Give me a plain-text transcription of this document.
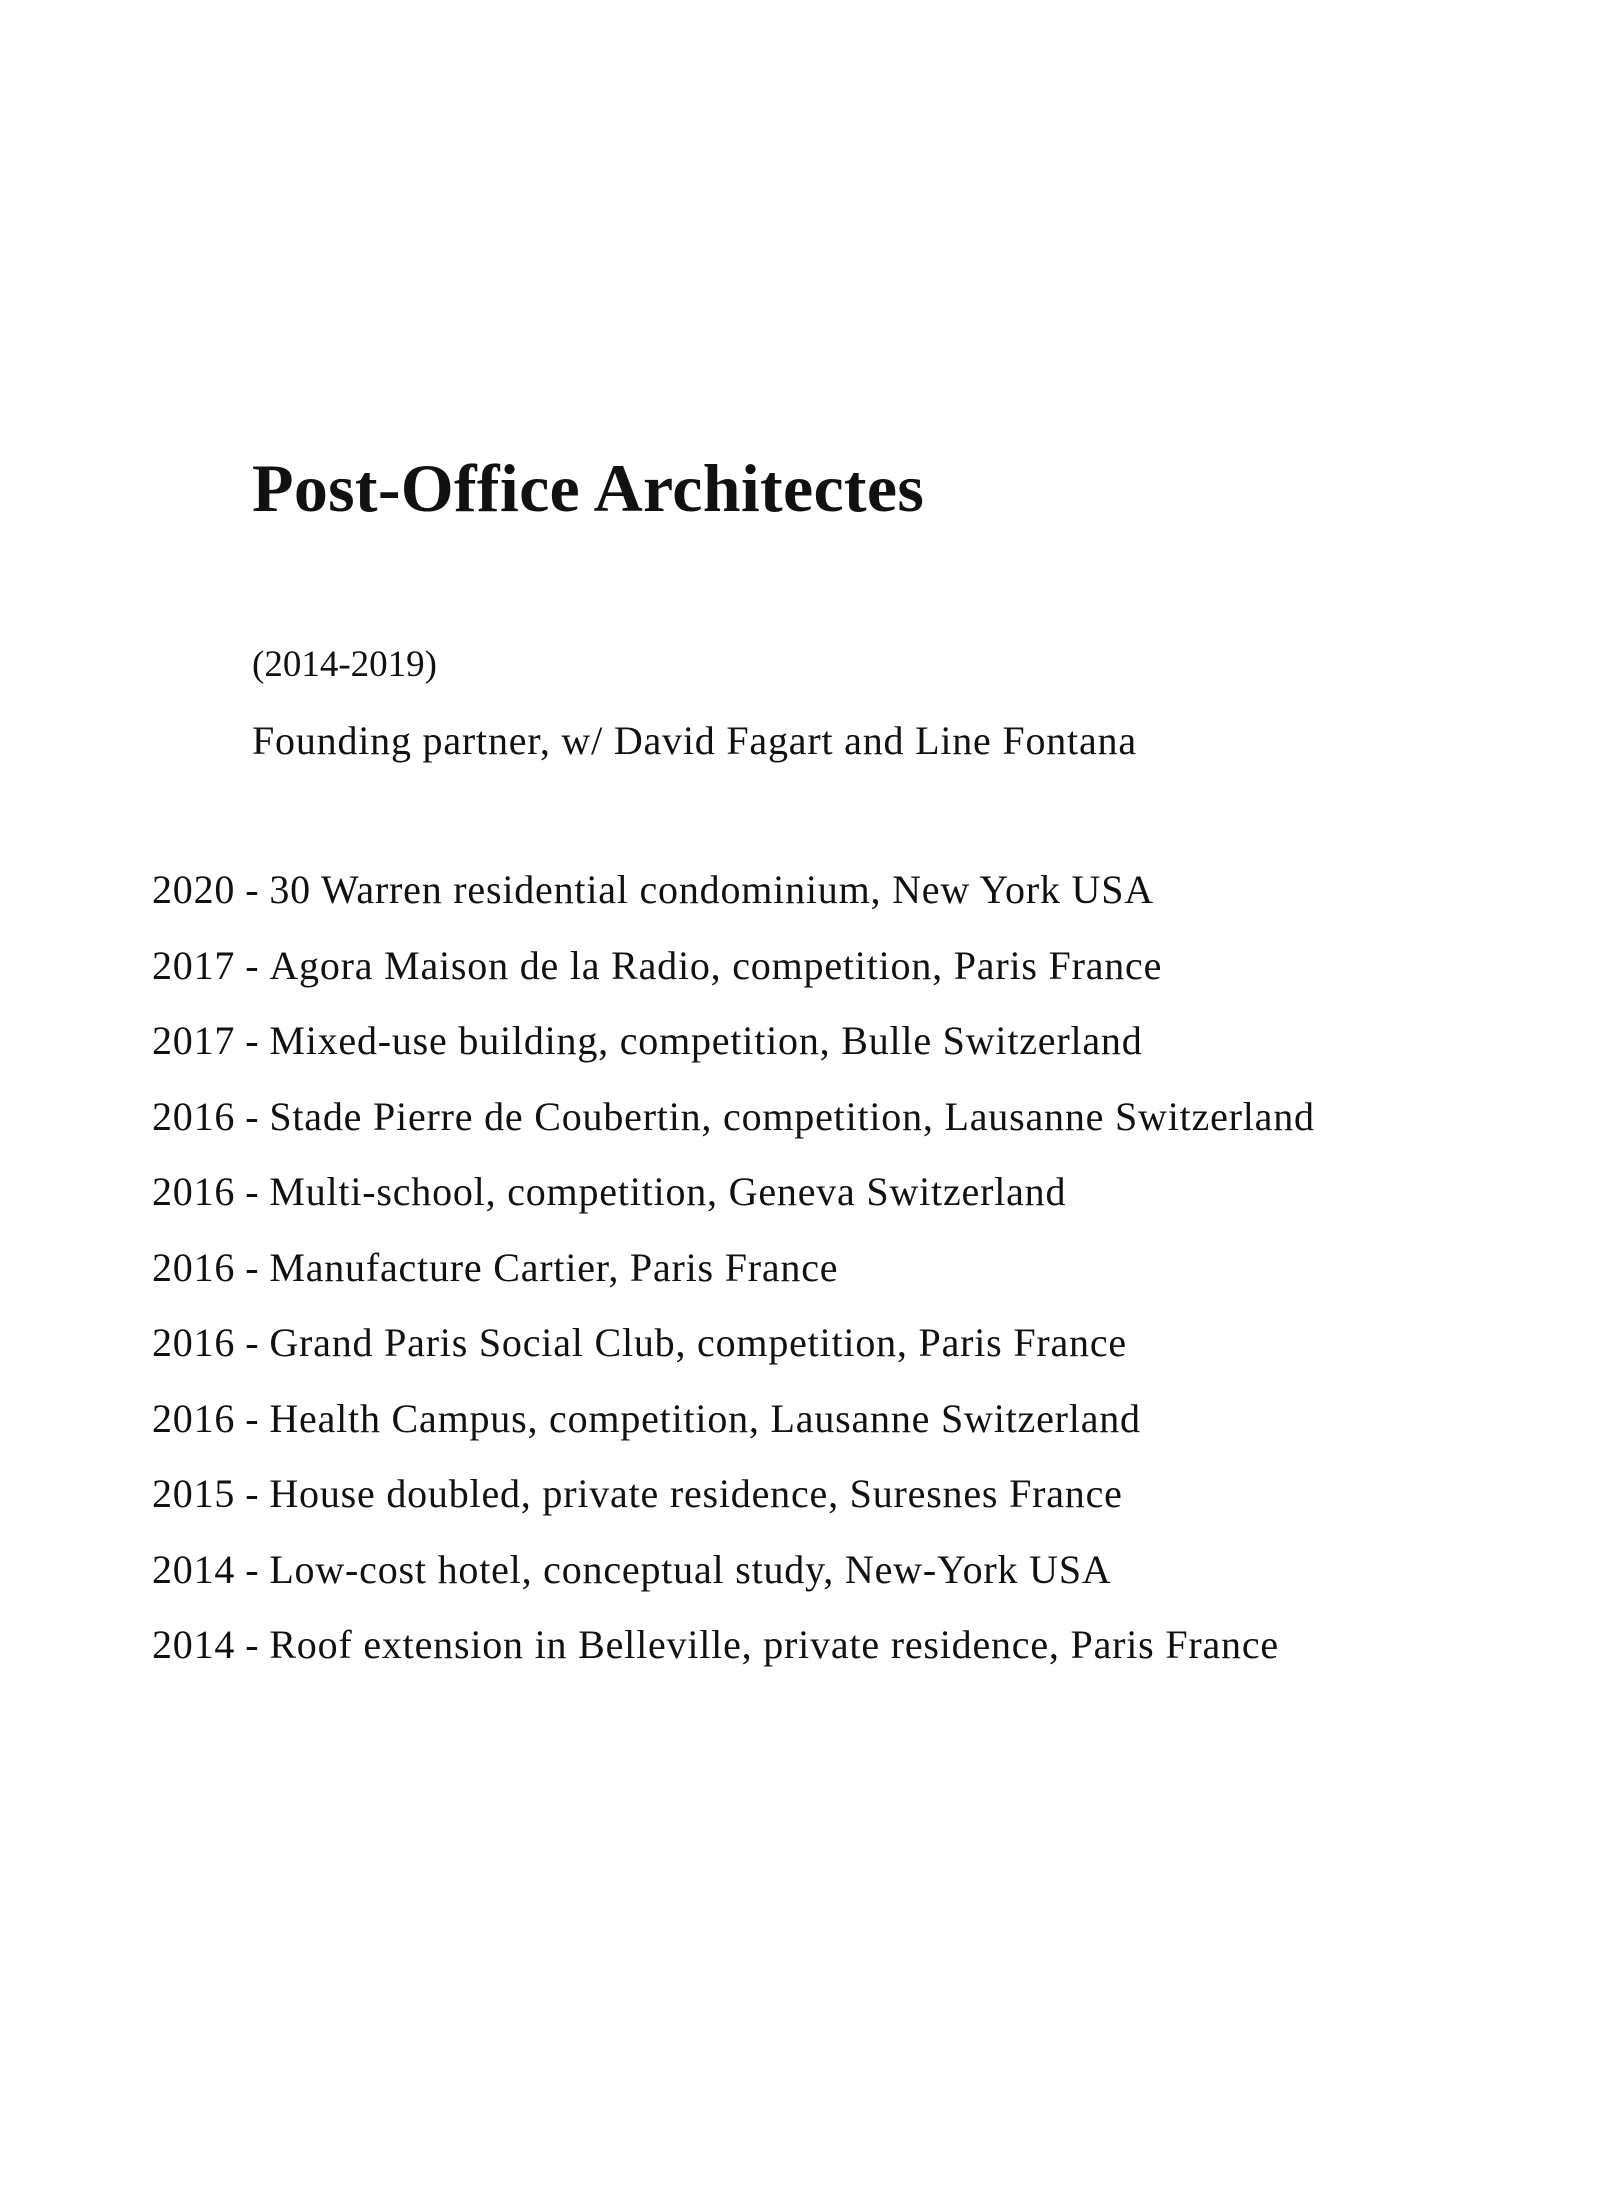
Post-Office Architectes
(2014-2019)
Founding partner, w/ David Fagart and Line Fontana
2020 - 30 Warren residential condominium, New York USA
2017 - Agora Maison de la Radio, competition, Paris France
2017 - Mixed-use building, competition, Bulle Switzerland
2016 - Stade Pierre de Coubertin, competition, Lausanne Switzerland
2016 - Multi-school, competition, Geneva Switzerland
2016 - Manufacture Cartier, Paris France
2016 - Grand Paris Social Club, competition, Paris France
2016 - Health Campus, competition, Lausanne Switzerland
2015 - House doubled, private residence, Suresnes France
2014 - Low-cost hotel, conceptual study, New-York USA
2014 - Roof extension in Belleville, private residence, Paris France
